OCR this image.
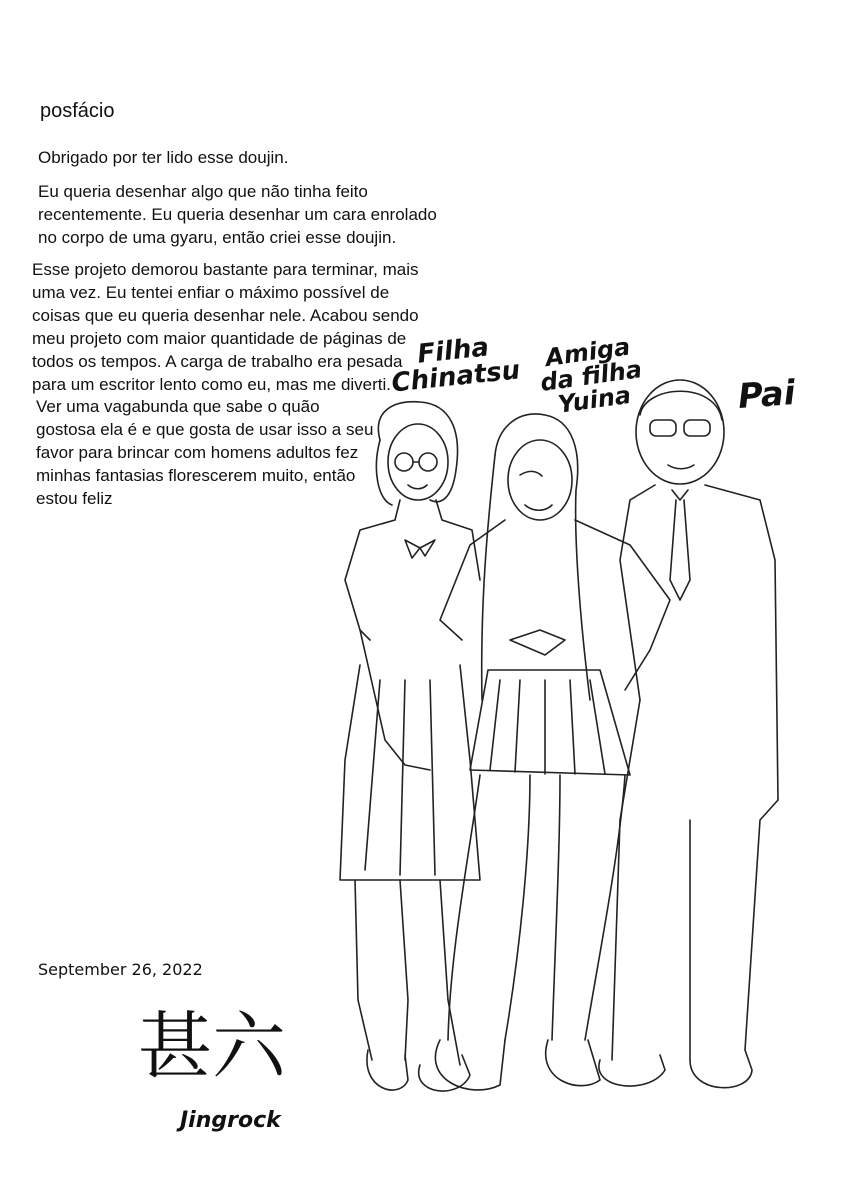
posfácio

Obrigado por ter lido esse doujin.

Eu queria desenhar algo que não tinha feito
recentemente. Eu queria desenhar um cara enrolado
no corpo de uma gyaru, então criei esse doujin.

Esse projeto demorou bastante para terminar, mais
uma vez. Eu tentei enfiar o máximo possível de
coisas que eu queria desenhar nele. Acabou sendo
meu projeto com maior quantidade de páginas de
todos os tempos. A carga de trabalho era pesada
para um escritor lento como eu, mas me diverti.

Ver uma vagabunda que sabe o quão
gostosa ela é e que gosta de usar isso a seu
favor para brincar com homens adultos fez
minhas fantasias florescerem muito, então
estou feliz

Filha
Chinatsu
Amiga
da filha
Yuina	Pai
September 26, 2022
甚六
Jingrock
